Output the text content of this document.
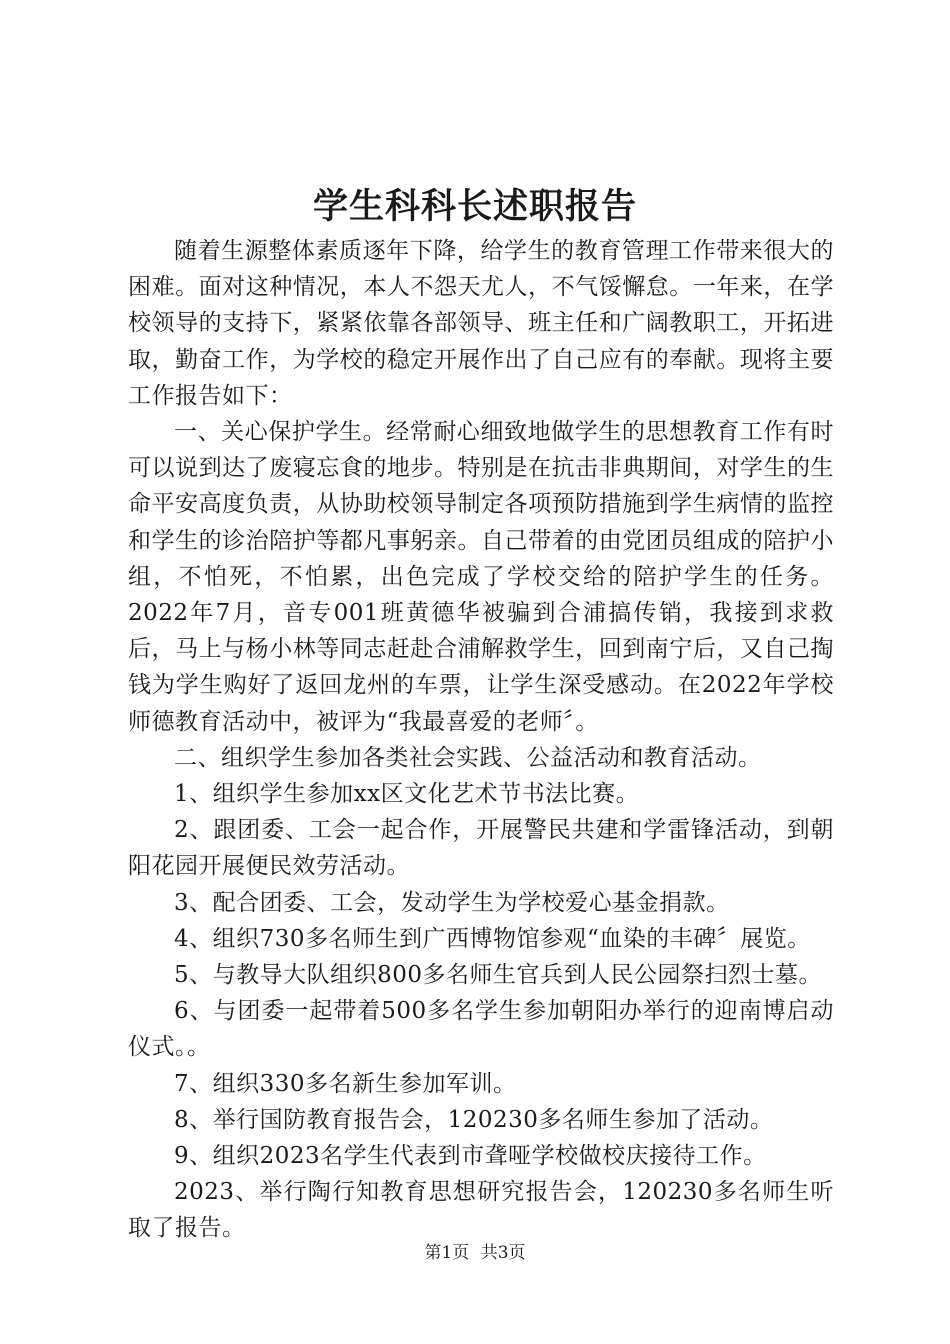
学生科科长述职报告

随着生源整体素质逐年下降，给学生的教育管理工作带来很大的困难。面对这种情况，本人不怨天尤人，不气馁懈怠。一年来，在学校领导的支持下，紧紧依靠各部领导、班主任和广阔教职工，开拓进取，勤奋工作，为学校的稳定开展作出了自己应有的奉献。现将主要工作报告如下：

一、关心保护学生。经常耐心细致地做学生的思想教育工作有时可以说到达了废寝忘食的地步。特别是在抗击非典期间，对学生的生命平安高度负责，从协助校领导制定各项预防措施到学生病情的监控和学生的诊治陪护等都凡事躬亲。自己带着的由党团员组成的陪护小组，不怕死，不怕累，出色完成了学校交给的陪护学生的任务。2022年7月，音专001班黄德华被骗到合浦搞传销，我接到求救　　后，马上与杨小林等同志赶赴合浦解救学生，回到南宁后，又自己掏钱为学生购好了返回龙州的车票，让学生深受感动。在2022年学校师德教育活动中，被评为“我最喜爱的老师〞。

二、组织学生参加各类社会实践、公益活动和教育活动。

1、组织学生参加xx区文化艺术节书法比赛。

2、跟团委、工会一起合作，开展警民共建和学雷锋活动，到朝阳花园开展便民效劳活动。

3、配合团委、工会，发动学生为学校爱心基金捐款。

4、组织730多名师生到广西博物馆参观“血染的丰碑〞展览。

5、与教导大队组织800多名师生官兵到人民公园祭扫烈士墓。

6、与团委一起带着500多名学生参加朝阳办举行的迎南博启动仪式。。

7、组织330多名新生参加军训。

8、举行国防教育报告会，120230多名师生参加了活动。

9、组织2023名学生代表到市聋哑学校做校庆接待工作。

2023、举行陶行知教育思想研究报告会，120230多名师生听取了报告。

第1页 共3页
